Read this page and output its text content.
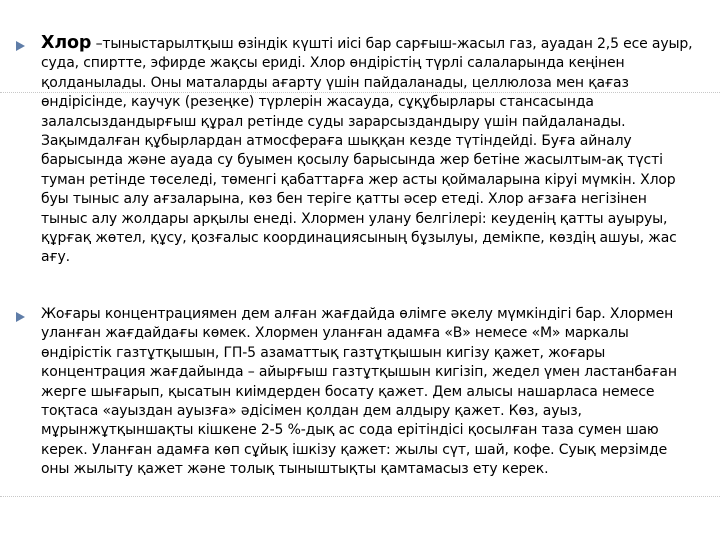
Хлор –тыныстарылтқыш өзіндік күшті иісі бар сарғыш-жасыл газ, ауадан 2,5 есе ауыр, суда, спиртте, эфирде жақсы ериді. Хлор өндірістің түрлі салаларында кеңінен қолданылады. Оны маталарды ағарту үшін пайдаланады, целлюлоза мен қағаз өндірісінде, каучук (резеңке) түрлерін жасауда, сұқұбырлары стансасында залалсыздандырғыш құрал ретінде суды зарарсыздандыру үшін пайдаланады. Зақымдалған құбырлардан атмосфераға шыққан кезде түтіндейді. Буға айналу барысында және ауада су буымен қосылу барысында жер бетіне жасылтым-ақ түсті туман ретінде төселеді, төменгі қабаттарға жер асты қоймаларына кіруі мүмкін. Хлор буы тыныс алу ағзаларына, көз бен теріге қатты әсер етеді. Хлор ағзаға негізінен тыныс алу жолдары арқылы енеді. Хлормен улану белгілері: кеуденің қатты ауыруы, құрғақ жөтел, құсу, қозғалыс координациясының бұзылуы, демікпе, көздің ашуы, жас ағу.

Жоғары концентрациямен дем алған жағдайда өлімге әкелу мүмкіндігі бар. Хлормен уланған жағдайдағы көмек. Хлормен уланған адамға «В» немесе «М» маркалы өндірістік газтұтқышын, ГП-5 азаматтық газтұтқышын кигізу қажет, жоғары концентрация жағдайында – айырғыш газтұтқышын кигізіп, жедел үмен ластанбаған жерге шығарып, қысатын киімдерден босату қажет. Дем алысы нашарласа немесе тоқтаса «ауыздан ауызға» әдісімен қолдан дем алдыру қажет. Көз, ауыз, мұрынжұтқыншақты кішкене 2-5 %-дық ас сода ерітіндісі қосылған таза сумен шаю керек. Уланған адамға көп сұйық ішкізу қажет: жылы сүт, шай, кофе. Суық мерзімде оны жылыту қажет және толық тыныштықты қамтамасыз ету керек.
